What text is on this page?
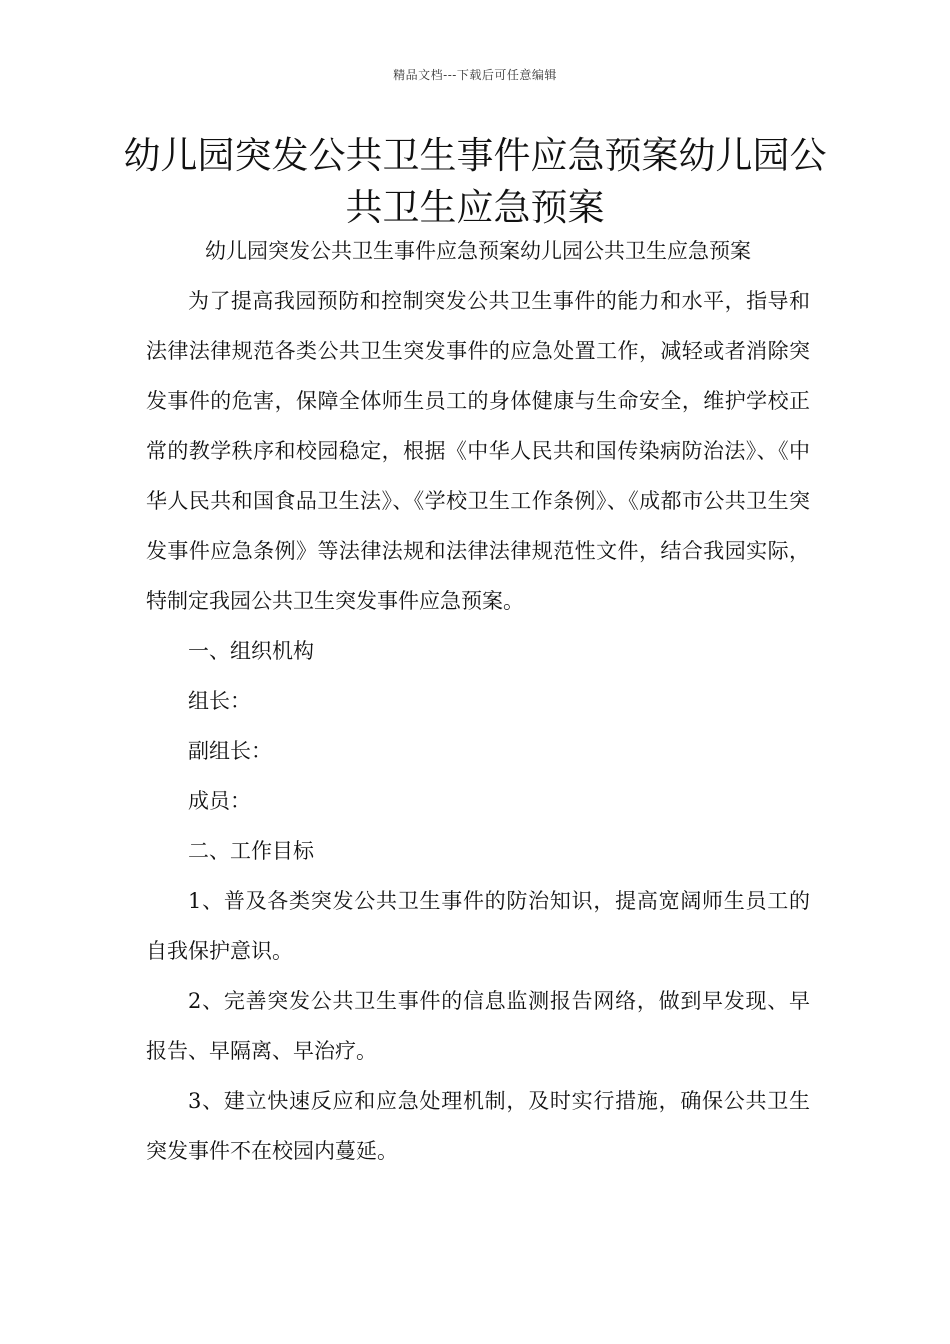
精品文档---下载后可任意编辑
幼儿园突发公共卫生事件应急预案幼儿园公共卫生应急预案

幼儿园突发公共卫生事件应急预案幼儿园公共卫生应急预案

为了提高我园预防和控制突发公共卫生事件的能力和水平，指导和法律法律规范各类公共卫生突发事件的应急处置工作，减轻或者消除突发事件的危害，保障全体师生员工的身体健康与生命安全，维护学校正常的教学秩序和校园稳定，根据《中华人民共和国传染病防治法》、《中华人民共和国食品卫生法》、《学校卫生工作条例》、《成都市公共卫生突发事件应急条例》等法律法规和法律法律规范性文件，结合我园实际，特制定我园公共卫生突发事件应急预案。

一、组织机构

组长：

副组长：

成员：

二、工作目标

1、普及各类突发公共卫生事件的防治知识，提高宽阔师生员工的自我保护意识。

2、完善突发公共卫生事件的信息监测报告网络，做到早发现、早报告、早隔离、早治疗。

3、建立快速反应和应急处理机制，及时实行措施，确保公共卫生突发事件不在校园内蔓延。
